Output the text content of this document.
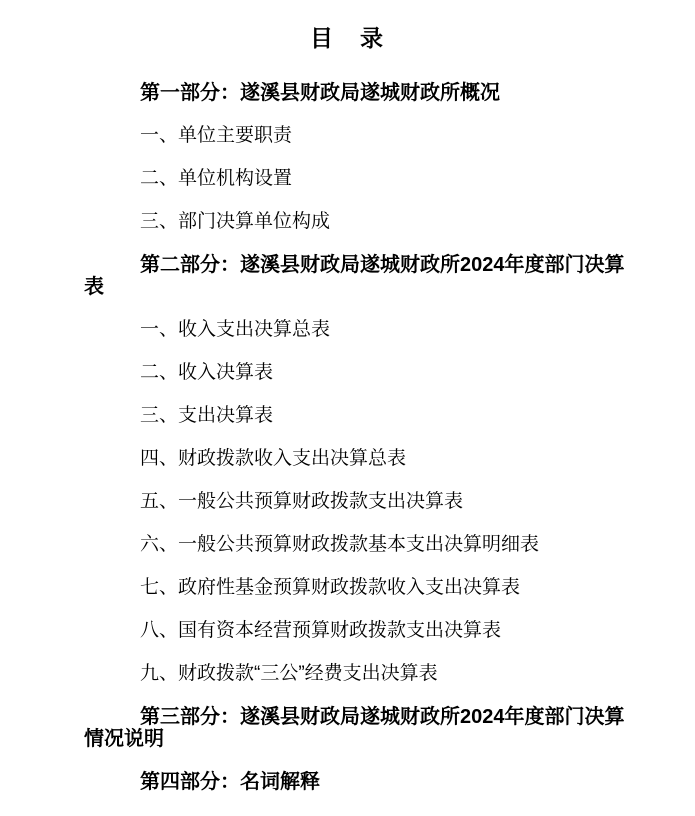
目　录

第一部分：遂溪县财政局遂城财政所概况

一、单位主要职责

二、单位机构设置

三、部门决算单位构成

第二部分：遂溪县财政局遂城财政所2024年度部门决算表

一、收入支出决算总表

二、收入决算表

三、支出决算表

四、财政拨款收入支出决算总表

五、一般公共预算财政拨款支出决算表

六、一般公共预算财政拨款基本支出决算明细表

七、政府性基金预算财政拨款收入支出决算表

八、国有资本经营预算财政拨款支出决算表

九、财政拨款“三公”经费支出决算表

第三部分：遂溪县财政局遂城财政所2024年度部门决算情况说明

第四部分：名词解释
